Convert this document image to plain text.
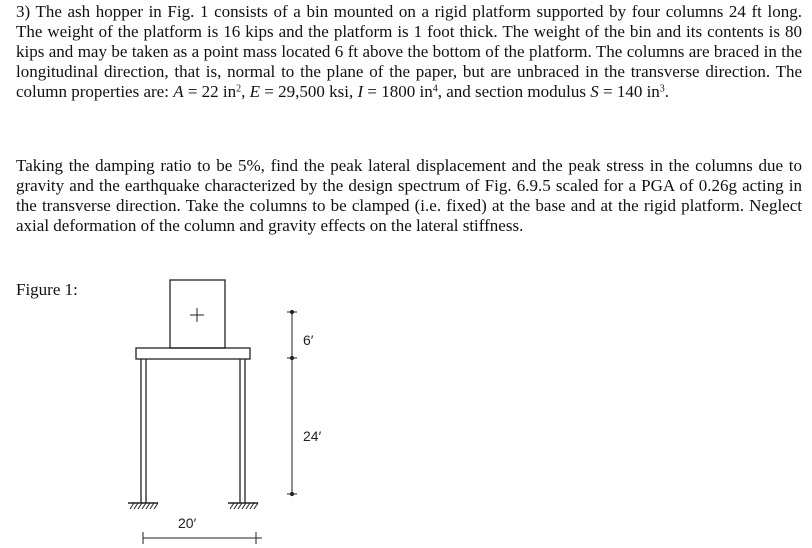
3) The ash hopper in Fig. 1 consists of a bin mounted on a rigid platform supported by four columns 24 ft long. The weight of the platform is 16 kips and the platform is 1 foot thick. The weight of the bin and its contents is 80 kips and may be taken as a point mass located 6 ft above the bottom of the platform. The columns are braced in the longitudinal direction, that is, normal to the plane of the paper, but are unbraced in the transverse direction. The column properties are: A = 22 $in^2$, E = 29,500 ksi, I = 1800 $in^4$, and section modulus S = 140 $in^3$.

Taking the damping ratio to be 5%, find the peak lateral displacement and the peak stress in the columns due to gravity and the earthquake characterized by the design spectrum of Fig. 6.9.5 scaled for a PGA of 0.26g acting in the transverse direction. Take the columns to be clamped (i.e. fixed) at the base and at the rigid platform. Neglect axial deformation of the column and gravity effects on the lateral stiffness.

Figure 1:
6′
24′
20′
